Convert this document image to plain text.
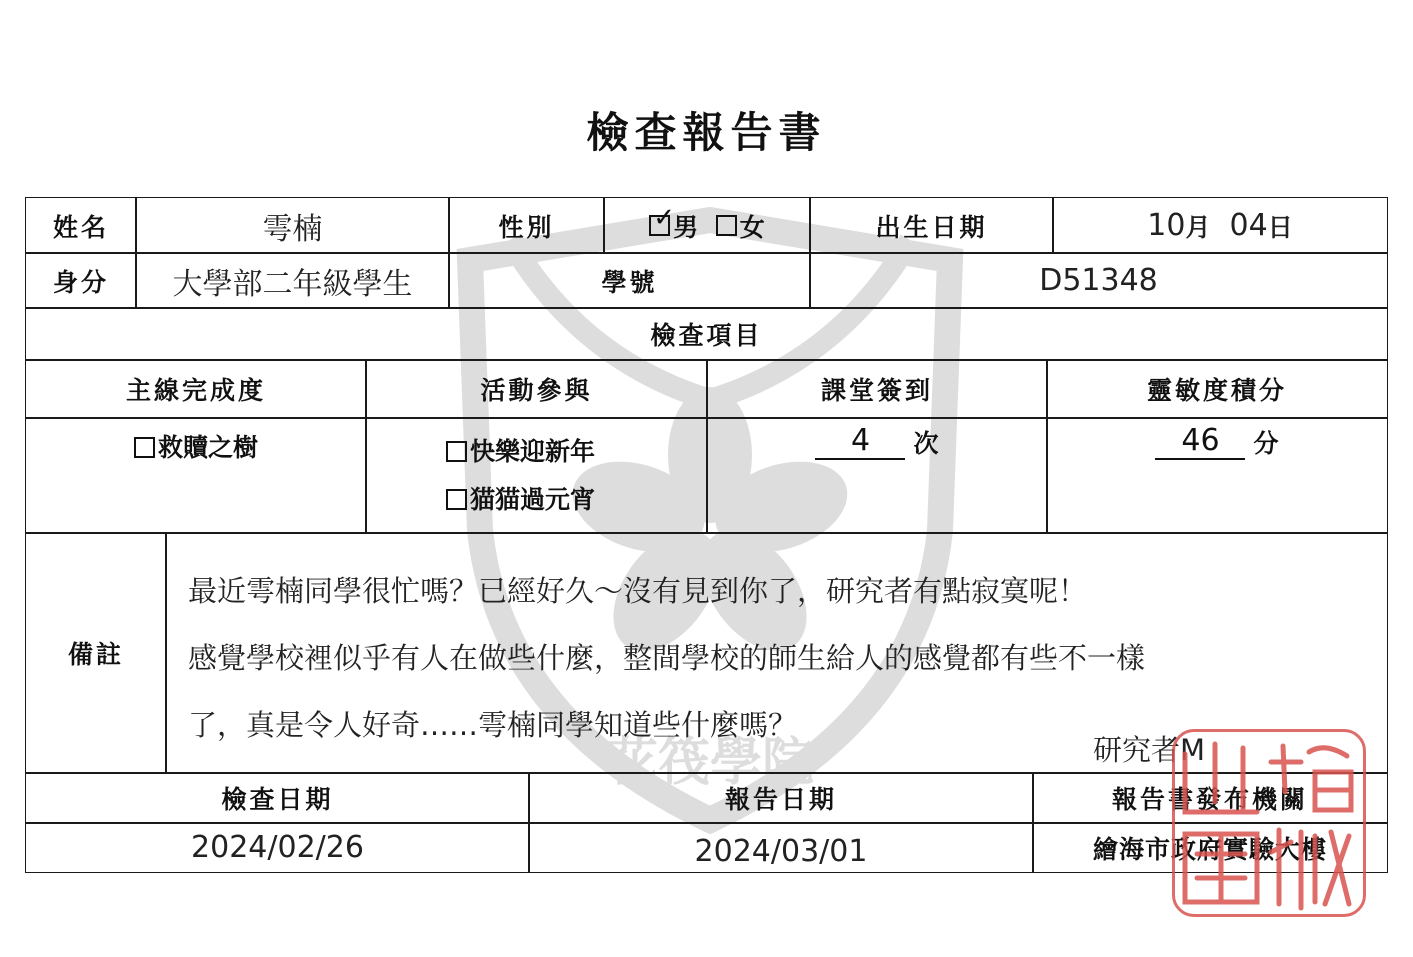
檢查報告書
花筏學院
姓名	雩楠	性別
✓	男
女	出生日期	10 月
04 日
身分	大學部二年級學生	學號	D51348
檢查項目
主線完成度	活動參與	課堂簽到	靈敏度積分
救贖之樹	快樂迎新年
猫猫過元宵
4	次	46	分
備註
檢查日期	報告日期	報告書發布機關
2024/02/26	2024/03/01	繪海市政府實驗大樓
最近雩楠同學很忙嗎？已經好久～沒有見到你了，研究者有點寂寞呢！
感覺學校裡似乎有人在做些什麼，整間學校的師生給人的感覺都有些不一樣
了，真是令人好奇……雩楠同學知道些什麼嗎？
研究者M
